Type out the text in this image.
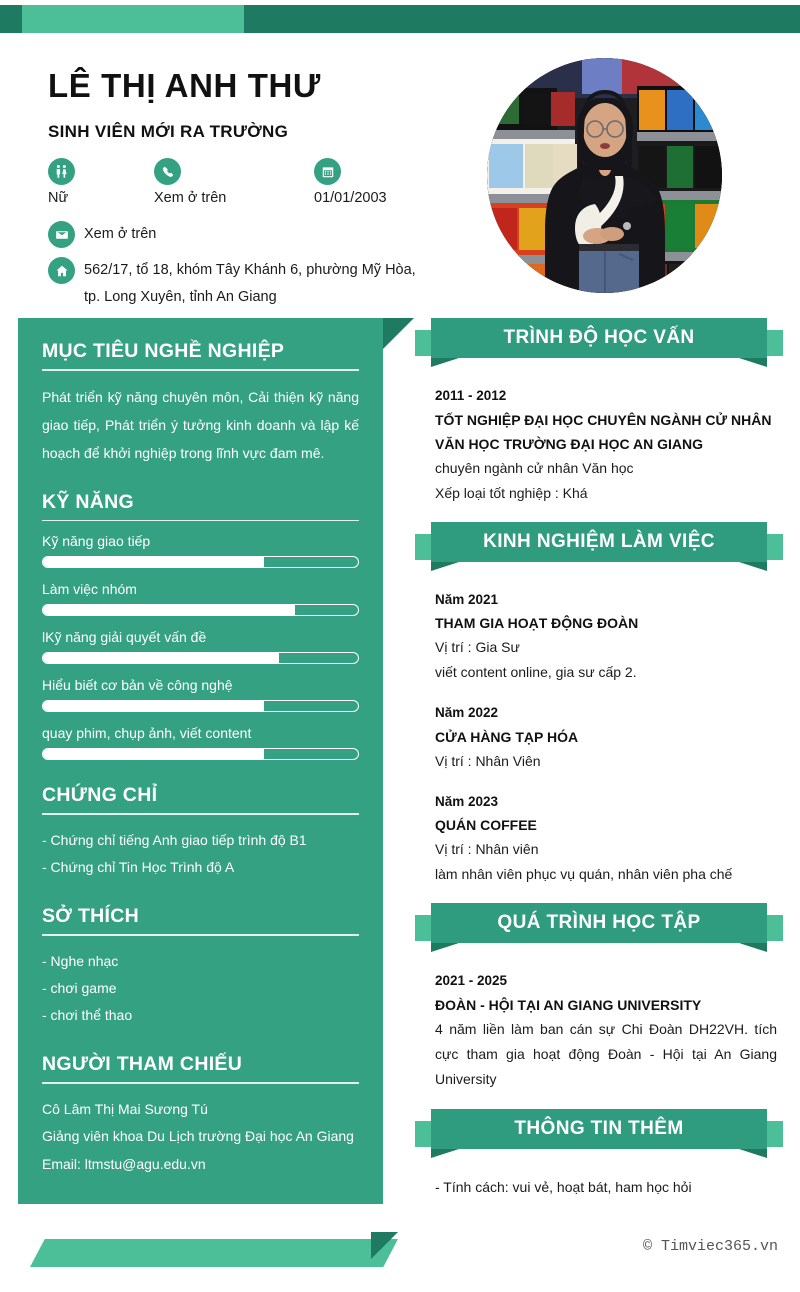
LÊ THỊ ANH THƯ
SINH VIÊN MỚI RA TRƯỜNG
Nữ	Xem ở trên	01/01/2003
Xem ở trên
562/17, tổ 18, khóm Tây Khánh 6, phường Mỹ Hòa, tp. Long Xuyên, tỉnh An Giang
MỤC TIÊU NGHỀ NGHIỆP
Phát triển kỹ năng chuyên môn, Cải thiện kỹ năng giao tiếp, Phát triển ý tưởng kinh doanh và lập kế hoạch để khởi nghiệp trong lĩnh vực đam mê.
KỸ NĂNG
Kỹ năng giao tiếp
Làm việc nhóm
lKỹ năng giải quyết vấn đề
Hiểu biết cơ bản về công nghệ
quay phim, chụp ảnh, viết content
CHỨNG CHỈ
- Chứng chỉ tiếng Anh giao tiếp trình độ B1
- Chứng chỉ Tin Học Trình độ A
SỞ THÍCH
- Nghe nhạc
- chơi game
- chơi thể thao
NGƯỜI THAM CHIẾU
Cô Lâm Thị Mai Sương Tú
Giảng viên khoa Du Lịch trường Đại học An Giang
Email: ltmstu@agu.edu.vn
TRÌNH ĐỘ HỌC VẤN
2011 - 2012
TỐT NGHIỆP ĐẠI HỌC CHUYÊN NGÀNH CỬ NHÂN VĂN HỌC TRƯỜNG ĐẠI HỌC AN GIANG
chuyên ngành cử nhân Văn học
Xếp loại tốt nghiệp : Khá
KINH NGHIỆM LÀM VIỆC
Năm 2021
THAM GIA HOẠT ĐỘNG ĐOÀN
Vị trí : Gia Sư
viết content online, gia sư cấp 2.
Năm 2022
CỬA HÀNG TẠP HÓA
Vị trí : Nhân Viên
Năm 2023
QUÁN COFFEE
Vị trí : Nhân viên
làm nhân viên phục vụ quán, nhân viên pha chế
QUÁ TRÌNH HỌC TẬP
2021 - 2025
ĐOÀN - HỘI TẠI AN GIANG UNIVERSITY
4 năm liền làm ban cán sự Chi Đoàn DH22VH. tích cực tham gia hoạt động Đoàn - Hội tại An Giang University
THÔNG TIN THÊM
- Tính cách: vui vẻ, hoạt bát, ham học hỏi
© Timviec365.vn
